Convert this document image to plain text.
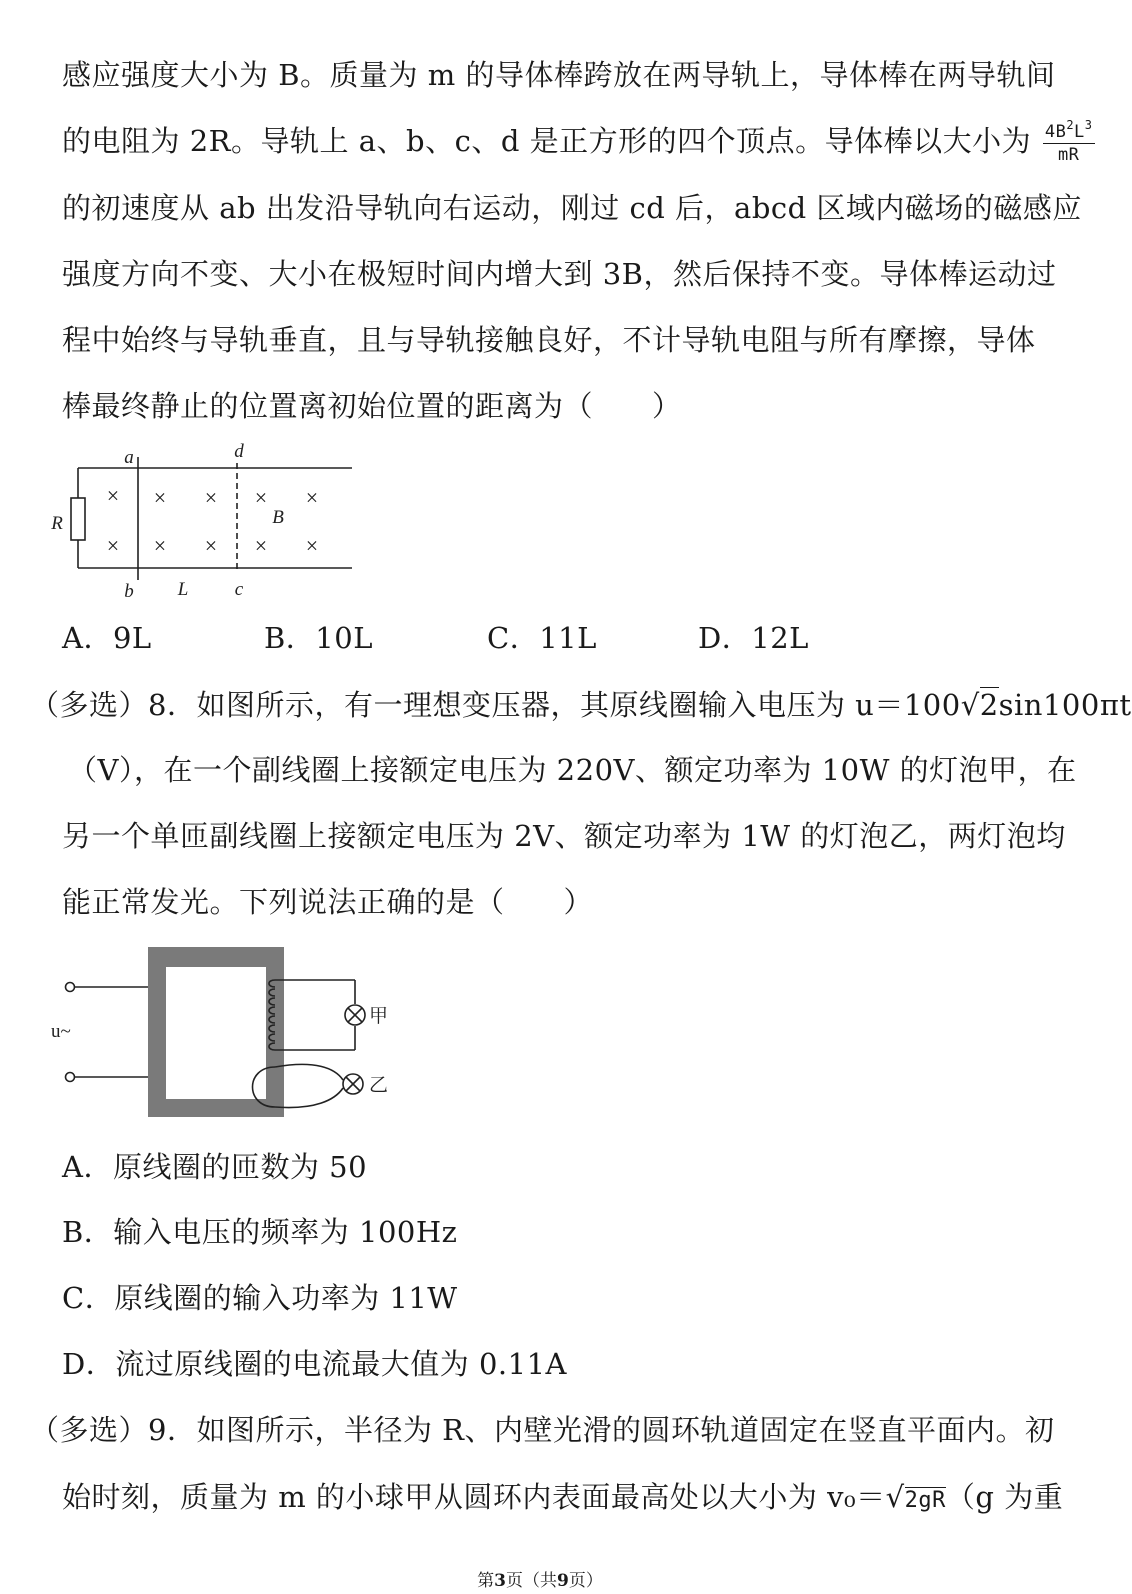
感应强度大小为 B。质量为 m 的导体棒跨放在两导轨上，导体棒在两导轨间
的电阻为 2R。导轨上 a、b、c、d 是正方形的四个顶点。导体棒以大小为 $\frac{4B^2L^3}{mR}$
的初速度从 ab 出发沿导轨向右运动，刚过 cd 后，abcd 区域内磁场的磁感应
强度方向不变、大小在极短时间内增大到 3B，然后保持不变。导体棒运动过
程中始终与导轨垂直，且与导轨接触良好，不计导轨电阻与所有摩擦，导体
棒最终静止的位置离初始位置的距离为（　　）
× × × × ×
× × × × ×
a	d
R	B
b L c
A．9L	B．10L	C．11L	D．12L
（多选）8．如图所示，有一理想变压器，其原线圈输入电压为 u＝100√2sin100πt
（V），在一个副线圈上接额定电压为 220V、额定功率为 10W 的灯泡甲，在
另一个单匝副线圈上接额定电压为 2V、额定功率为 1W 的灯泡乙，两灯泡均
能正常发光。下列说法正确的是（　　）
u~
甲
乙
A．原线圈的匝数为 50
B．输入电压的频率为 100Hz
C．原线圈的输入功率为 11W
D．流过原线圈的电流最大值为 0.11A
（多选）9．如图所示，半径为 R、内壁光滑的圆环轨道固定在竖直平面内。初
始时刻，质量为 m 的小球甲从圆环内表面最高处以大小为 v₀＝√2gR（g 为重
第3页（共9页）
